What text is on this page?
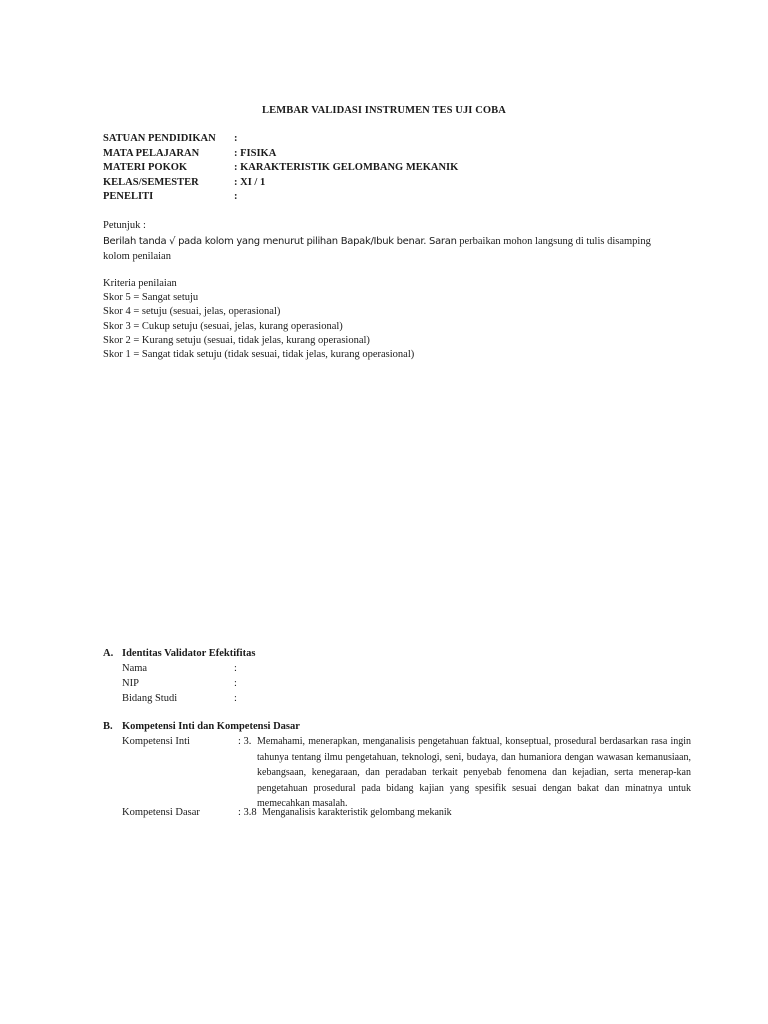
LEMBAR VALIDASI INSTRUMEN TES UJI COBA
SATUAN PENDIDIKAN :
MATA PELAJARAN	: FISIKA
MATERI POKOK	: KARAKTERISTIK GELOMBANG MEKANIK
KELAS/SEMESTER	: XI / 1
PENELITI	:
Petunjuk :
Berilah tanda √ pada kolom yang menurut pilihan Bapak/Ibuk benar. Saran perbaikan mohon langsung di tulis disamping kolom penilaian
Kriteria penilaian
Skor 5 = Sangat setuju
Skor 4 = setuju (sesuai, jelas, operasional)
Skor 3 = Cukup setuju (sesuai, jelas, kurang operasional)
Skor 2 = Kurang setuju (sesuai, tidak jelas, kurang operasional)
Skor 1 = Sangat tidak setuju (tidak sesuai, tidak jelas, kurang operasional)
A. Identitas Validator Efektifitas
Nama	:
NIP	:
Bidang Studi	:
B. Kompetensi Inti dan Kompetensi Dasar
Kompetensi Inti	: 3. Memahami, menerapkan, menganalisis pengetahuan faktual, konseptual, prosedural berdasarkan rasa ingin tahunya tentang ilmu pengetahuan, teknologi, seni, budaya, dan humaniora dengan wawasan kemanusiaan, kebangsaan, kenegaraan, dan peradaban terkait penyebab fenomena dan kejadian, serta menerap-kan pengetahuan prosedural pada bidang kajian yang spesifik sesuai dengan bakat dan minatnya untuk memecahkan masalah.
Kompetensi Dasar	: 3.8 Menganalisis karakteristik gelombang mekanik
